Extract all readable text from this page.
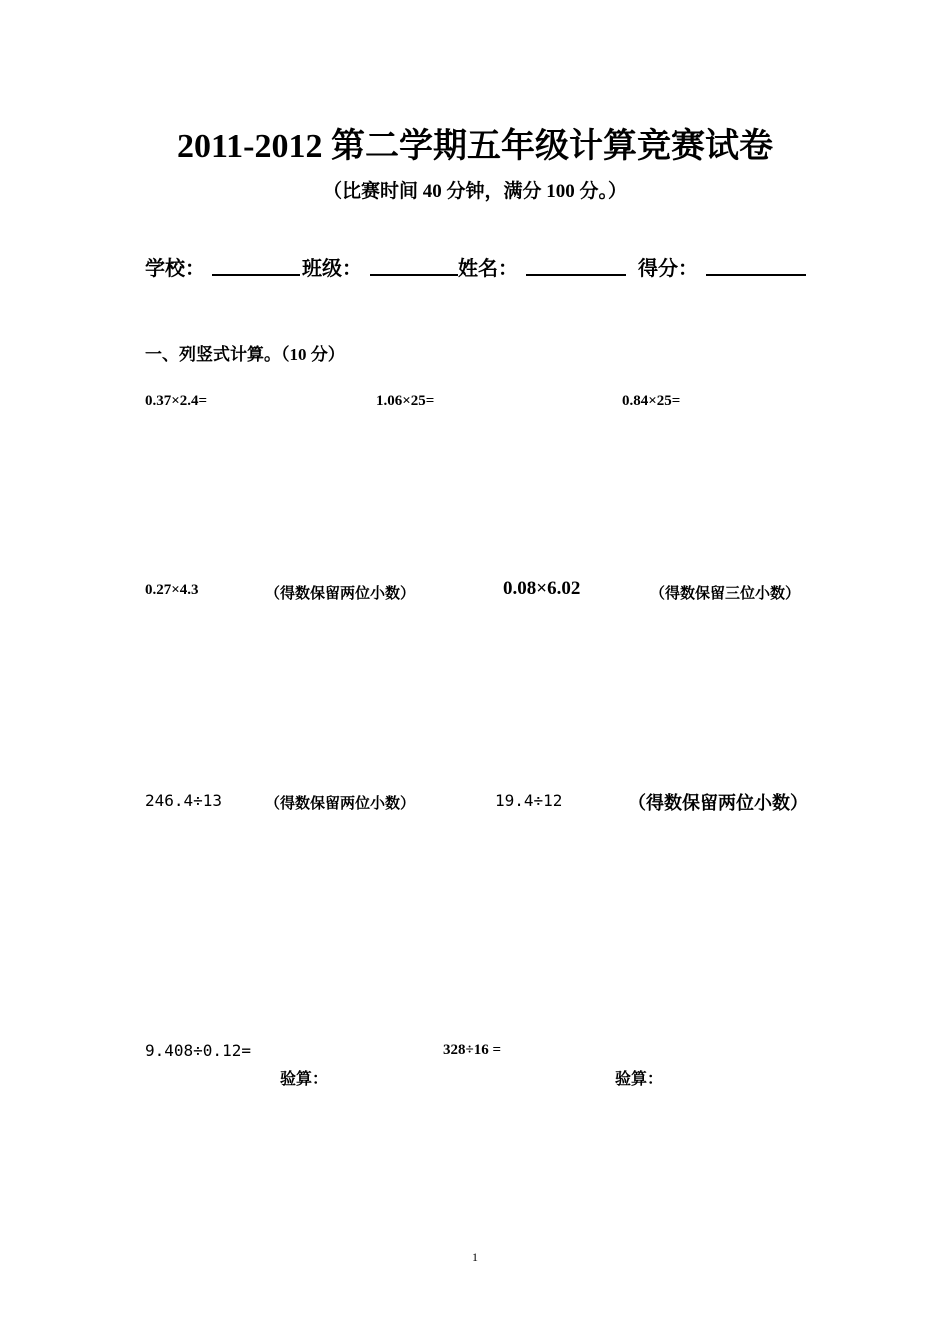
2011-2012 第二学期五年级计算竞赛试卷
（比赛时间 40 分钟，满分 100 分。）
学校：	班级：	姓名：	得分：
一、列竖式计算。（10 分）
0.37×2.4=	1.06×25=	0.84×25=
0.27×4.3	（得数保留两位小数）	0.08×6.02	（得数保留三位小数）
246.4÷13	（得数保留两位小数）	19.4÷12	（得数保留两位小数）
9.408÷0.12=	328÷16 =
验算：	验算：
1
